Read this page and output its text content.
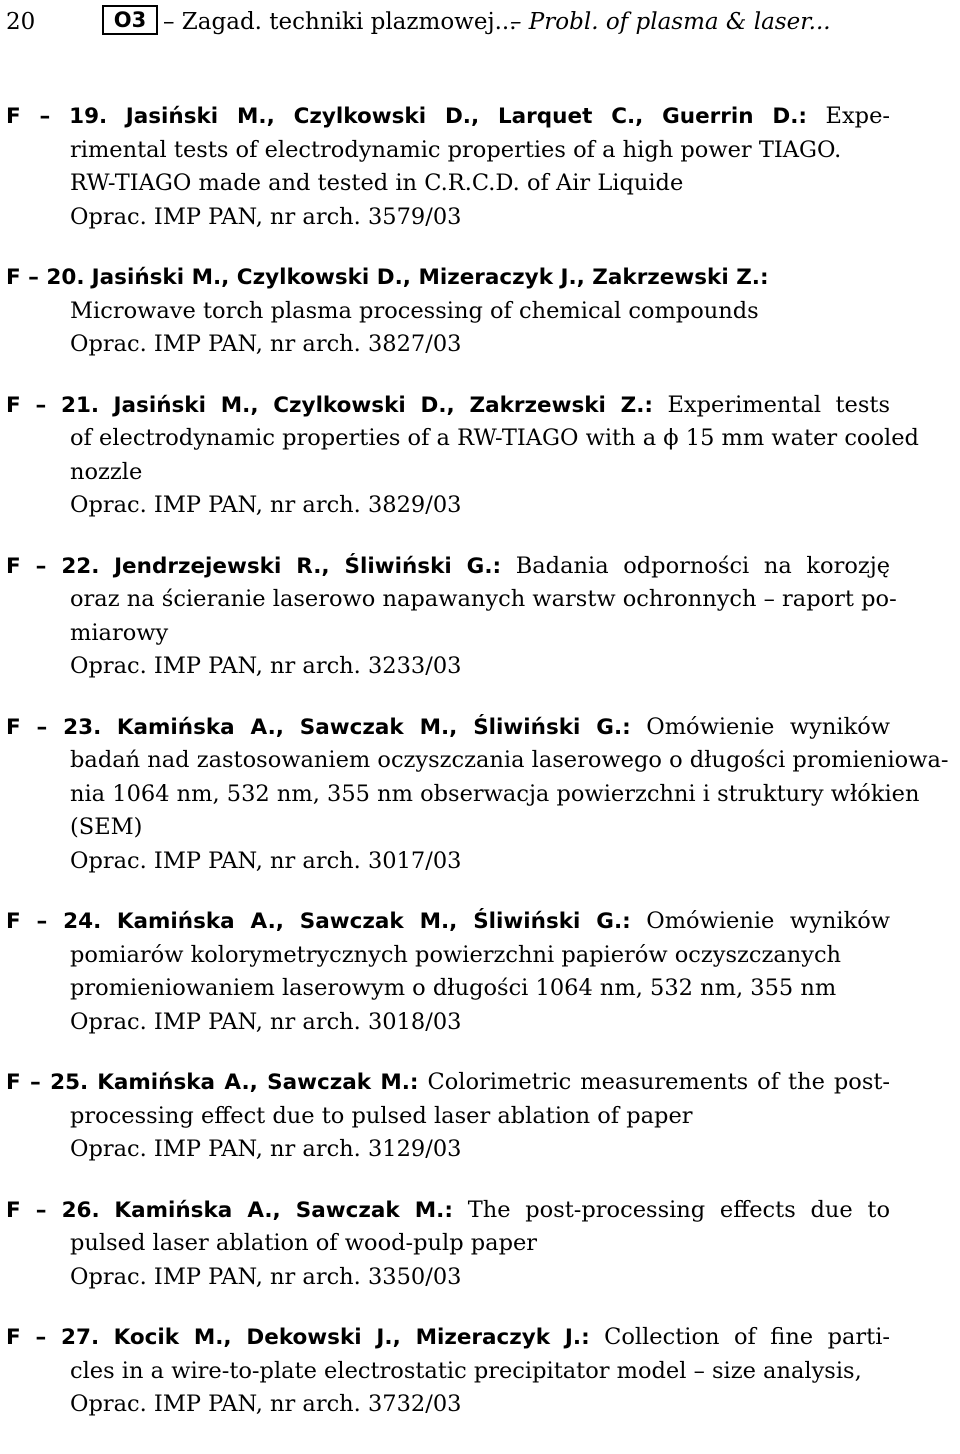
20	O3 – Zagad. techniki plazmowej...
– Probl. of plasma & laser...
F – 19. Jasiński M., Czylkowski D., Larquet C., Guerrin D.: Expe-
rimental tests of electrodynamic properties of a high power TIAGO.
RW-TIAGO made and tested in C.R.C.D. of Air Liquide
Oprac. IMP PAN, nr arch. 3579/03
F – 20. Jasiński M., Czylkowski D., Mizeraczyk J., Zakrzewski Z.:
Microwave torch plasma processing of chemical compounds
Oprac. IMP PAN, nr arch. 3827/03
F – 21. Jasiński M., Czylkowski D., Zakrzewski Z.: Experimental tests
of electrodynamic properties of a RW-TIAGO with a ϕ 15 mm water cooled
nozzle
Oprac. IMP PAN, nr arch. 3829/03
F – 22. Jendrzejewski R., Śliwiński G.: Badania odporności na korozję
oraz na ścieranie laserowo napawanych warstw ochronnych – raport po-
miarowy
Oprac. IMP PAN, nr arch. 3233/03
F – 23. Kamińska A., Sawczak M., Śliwiński G.: Omówienie wyników
badań nad zastosowaniem oczyszczania laserowego o długości promieniowa-
nia 1064 nm, 532 nm, 355 nm obserwacja powierzchni i struktury włókien
(SEM)
Oprac. IMP PAN, nr arch. 3017/03
F – 24. Kamińska A., Sawczak M., Śliwiński G.: Omówienie wyników
pomiarów kolorymetrycznych powierzchni papierów oczyszczanych
promieniowaniem laserowym o długości 1064 nm, 532 nm, 355 nm
Oprac. IMP PAN, nr arch. 3018/03
F – 25. Kamińska A., Sawczak M.: Colorimetric measurements of the post-
processing effect due to pulsed laser ablation of paper
Oprac. IMP PAN, nr arch. 3129/03
F – 26. Kamińska A., Sawczak M.: The post-processing effects due to
pulsed laser ablation of wood-pulp paper
Oprac. IMP PAN, nr arch. 3350/03
F – 27. Kocik M., Dekowski J., Mizeraczyk J.: Collection of fine parti-
cles in a wire-to-plate electrostatic precipitator model – size analysis,
Oprac. IMP PAN, nr arch. 3732/03
